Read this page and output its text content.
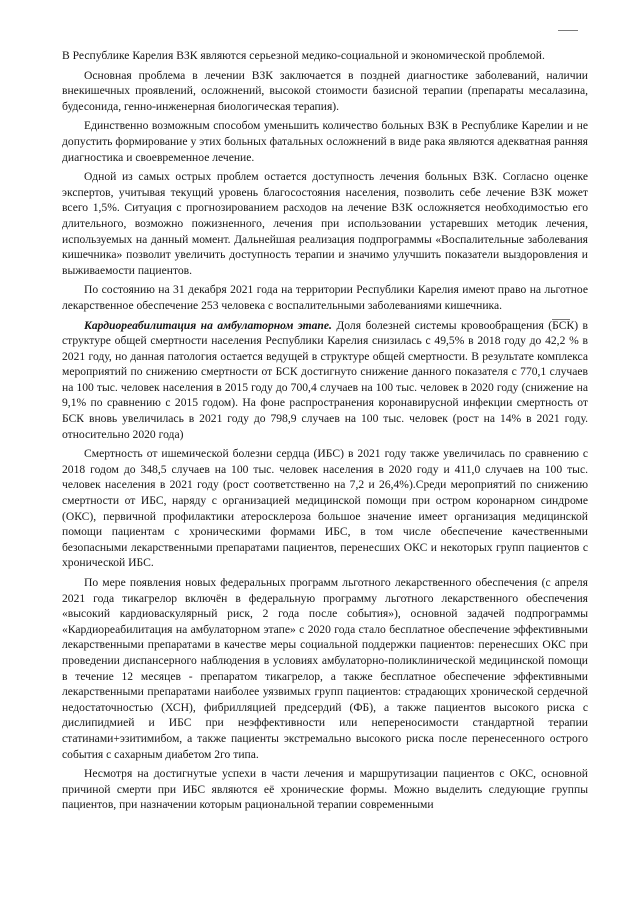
В Республике Карелия ВЗК являются серьезной медико-социальной и экономической проблемой.

Основная проблема в лечении ВЗК заключается в поздней диагностике заболеваний, наличии внекишечных проявлений, осложнений, высокой стоимости базисной терапии (препараты месалазина, будесонида, генно-инженерная биологическая терапия).

Единственно возможным способом уменьшить количество больных ВЗК в Республике Карелии и не допустить формирование у этих больных фатальных осложнений в виде рака являются адекватная ранняя диагностика и своевременное лечение.

Одной из самых острых проблем остается доступность лечения больных ВЗК. Согласно оценке экспертов, учитывая текущий уровень благосостояния населения, позволить себе лечение ВЗК может всего 1,5%. Ситуация с прогнозированием расходов на лечение ВЗК осложняется необходимостью его длительного, возможно пожизненного, лечения при использовании устаревших методик лечения, используемых на данный момент. Дальнейшая реализация подпрограммы «Воспалительные заболевания кишечника» позволит увеличить доступность терапии и значимо улучшить показатели выздоровления и выживаемости пациентов.

По состоянию на 31 декабря 2021 года на территории Республики Карелия имеют право на льготное лекарственное обеспечение 253 человека с воспалительными заболеваниями кишечника.

Кардиореабилитация на амбулаторном этапе. Доля болезней системы кровообращения (БСК) в структуре общей смертности населения Республики Карелия снизилась с 49,5% в 2018 году до 42,2 % в 2021 году, но данная патология остается ведущей в структуре общей смертности. В результате комплекса мероприятий по снижению смертности от БСК достигнуто снижение данного показателя с 770,1 случаев на 100 тыс. человек населения в 2015 году до 700,4 случаев на 100 тыс. человек в 2020 году (снижение на 9,1% по сравнению с 2015 годом). На фоне распространения коронавирусной инфекции смертность от БСК вновь увеличилась в 2021 году до 798,9 случаев на 100 тыс. человек (рост на 14% в 2021 году. относительно 2020 года)

Смертность от ишемической болезни сердца (ИБС) в 2021 году также увеличилась по сравнению с 2018 годом до 348,5 случаев на 100 тыс. человек населения в 2020 году и 411,0 случаев на 100 тыс. человек населения в 2021 году (рост соответственно на 7,2 и 26,4%).Среди мероприятий по снижению смертности от ИБС, наряду с организацией медицинской помощи при остром коронарном синдроме (ОКС), первичной профилактики атеросклероза большое значение имеет организация медицинской помощи пациентам с хроническими формами ИБС, в том числе обеспечение качественными безопасными лекарственными препаратами пациентов, перенесших ОКС и некоторых групп пациентов с хронической ИБС.

По мере появления новых федеральных программ льготного лекарственного обеспечения (с апреля 2021 года тикагрелор включён в федеральную программу льготного лекарственного обеспечения «высокий кардиоваскулярный риск, 2 года после события»), основной задачей подпрограммы «Кардиореабилитация на амбулаторном этапе» с 2020 года стало бесплатное обеспечение эффективными лекарственными препаратами в качестве меры социальной поддержки пациентов: перенесших ОКС при проведении диспансерного наблюдения в условиях амбулаторно-поликлинической медицинской помощи в течение 12 месяцев - препаратом тикагрелор, а также бесплатное обеспечение эффективными лекарственными препаратами наиболее уязвимых групп пациентов: страдающих хронической сердечной недостаточностью (ХСН), фибрилляцией предсердий (ФБ), а также пациентов высокого риска с дислипидмией и ИБС при неэффективности или непереносимости стандартной терапии статинами+эзитимибом, а также пациенты экстремально высокого риска после перенесенного острого события с сахарным диабетом 2го типа.

Несмотря на достигнутые успехи в части лечения и маршрутизации пациентов с ОКС, основной причиной смерти при ИБС являются её хронические формы. Можно выделить следующие группы пациентов, при назначении которым рациональной терапии современными
